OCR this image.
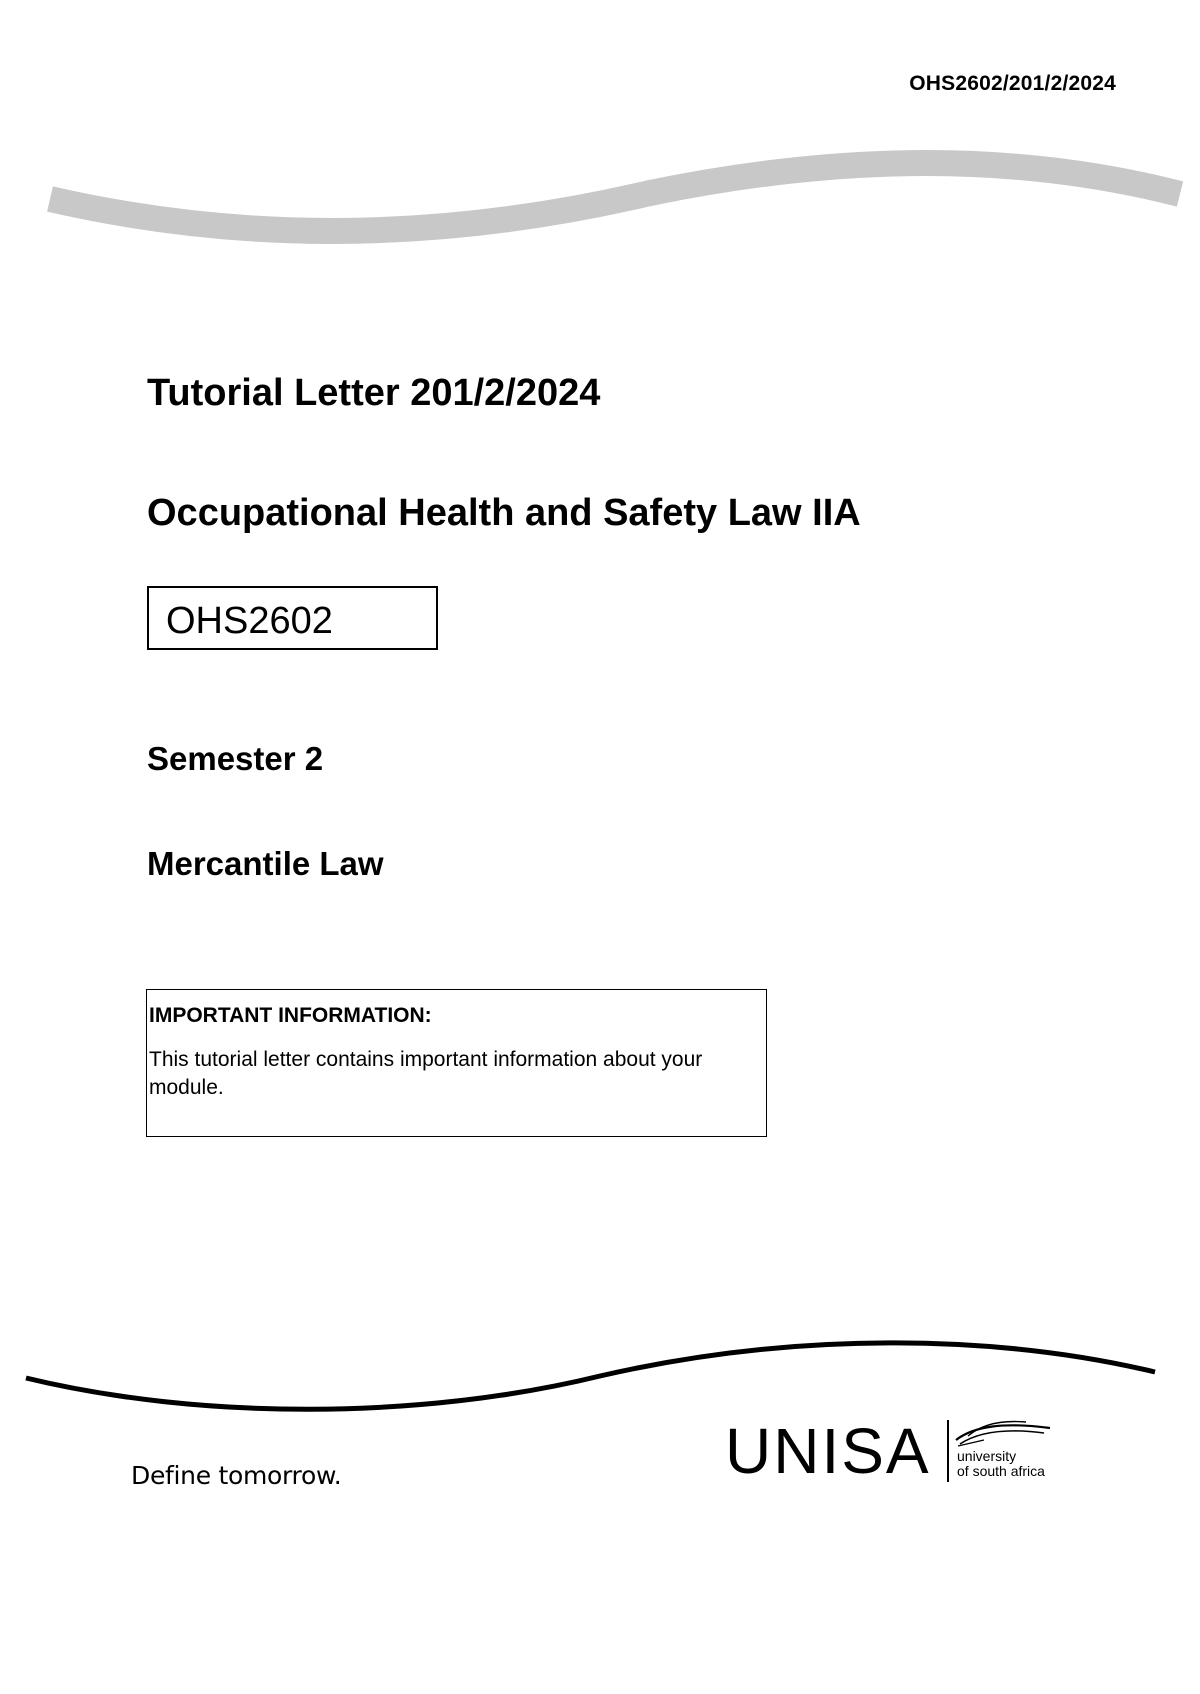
OHS2602/201/2/2024
Tutorial Letter 201/2/2024
Occupational Health and Safety Law IIA
OHS2602
Semester 2
Mercantile Law

IMPORTANT INFORMATION:

This tutorial letter contains important information about your module.

Define tomorrow.	UNISA university
of south africa
